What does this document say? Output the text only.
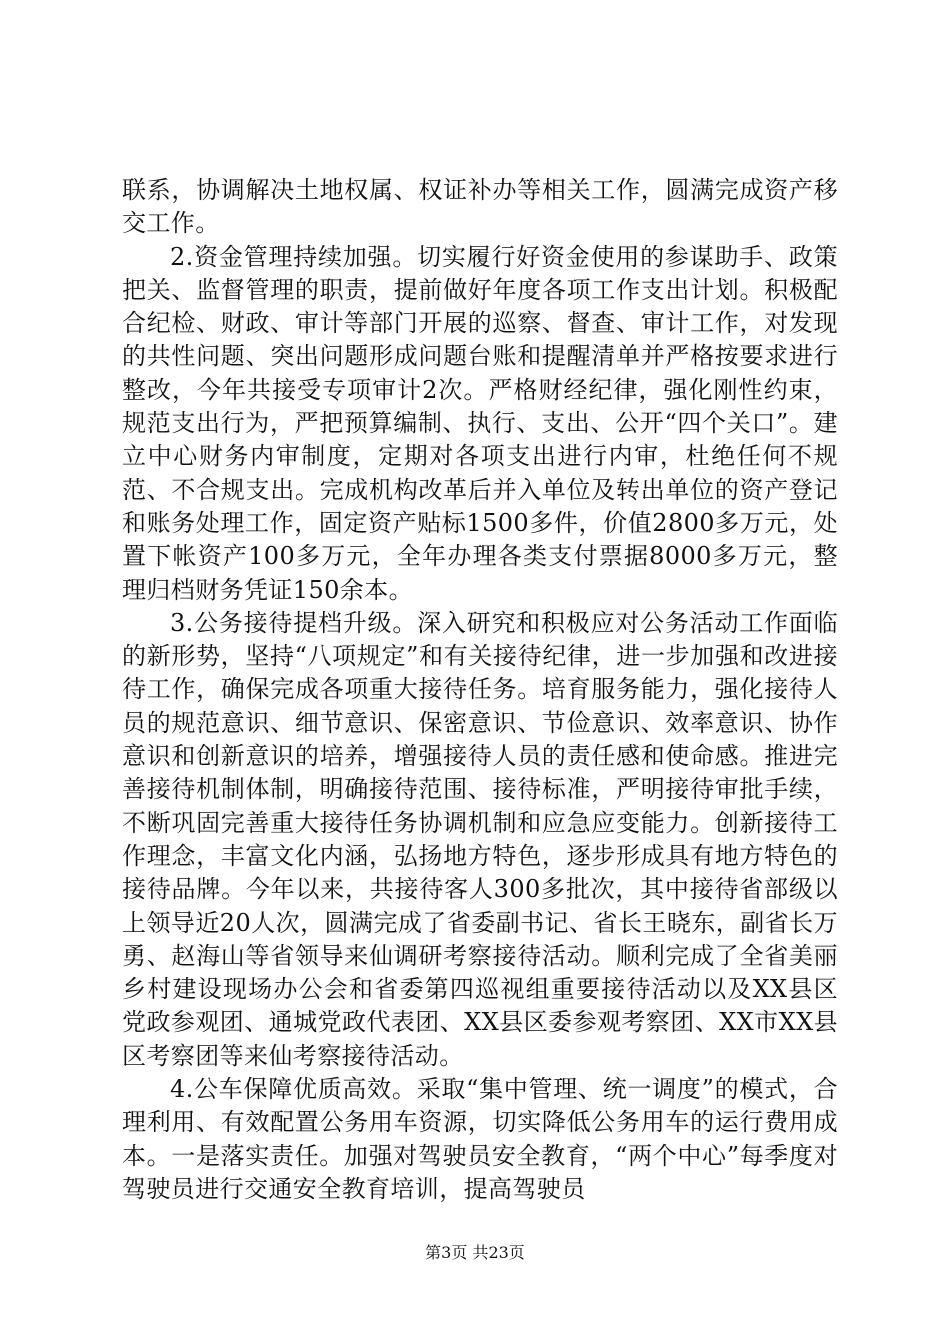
联系，协调解决土地权属、权证补办等相关工作，圆满完成资产移交工作。

2.资金管理持续加强。切实履行好资金使用的参谋助手、政策把关、监督管理的职责，提前做好年度各项工作支出计划。积极配合纪检、财政、审计等部门开展的巡察、督查、审计工作，对发现的共性问题、突出问题形成问题台账和提醒清单并严格按要求进行整改，今年共接受专项审计2次。严格财经纪律，强化刚性约束，规范支出行为，严把预算编制、执行、支出、公开“四个关口”。建立中心财务内审制度，定期对各项支出进行内审，杜绝任何不规范、不合规支出。完成机构改革后并入单位及转出单位的资产登记和账务处理工作，固定资产贴标1500多件，价值2800多万元，处置下帐资产100多万元，全年办理各类支付票据8000多万元，整理归档财务凭证150余本。

3.公务接待提档升级。深入研究和积极应对公务活动工作面临的新形势，坚持“八项规定”和有关接待纪律，进一步加强和改进接待工作，确保完成各项重大接待任务。培育服务能力，强化接待人员的规范意识、细节意识、保密意识、节俭意识、效率意识、协作意识和创新意识的培养，增强接待人员的责任感和使命感。推进完善接待机制体制，明确接待范围、接待标准，严明接待审批手续，不断巩固完善重大接待任务协调机制和应急应变能力。创新接待工作理念，丰富文化内涵，弘扬地方特色，逐步形成具有地方特色的接待品牌。今年以来，共接待客人300多批次，其中接待省部级以上领导近20人次，圆满完成了省委副书记、省长王晓东，副省长万勇、赵海山等省领导来仙调研考察接待活动。顺利完成了全省美丽乡村建设现场办公会和省委第四巡视组重要接待活动以及XX县区党政参观团、通城党政代表团、XX县区委参观考察团、XX市XX县区考察团等来仙考察接待活动。

4.公车保障优质高效。采取“集中管理、统一调度”的模式，合理利用、有效配置公务用车资源，切实降低公务用车的运行费用成本。一是落实责任。加强对驾驶员安全教育，“两个中心”每季度对驾驶员进行交通安全教育培训，提高驾驶员

第3页 共23页
